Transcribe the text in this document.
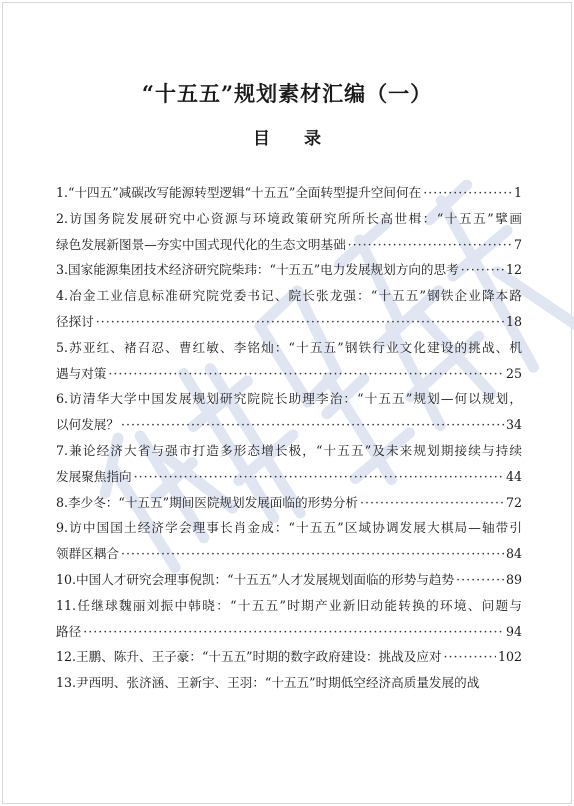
“十五五”规划素材汇编（一）
目 录
1.“十四五”减碳改写能源转型逻辑“十五五”全面转型提升空间何在 ·····	1
2.访国务院发展研究中心资源与环境政策研究所所长高世楫：“十五五”擘画
绿色发展新图景—夯实中国式现代化的生态文明基础 ·····	7
3.国家能源集团技术经济研究院柴玮：“十五五”电力发展规划方向的思考 ·····	12
4.冶金工业信息标准研究院党委书记、院长张龙强：“十五五”钢铁企业降本路
径探讨 ·····	18
5.苏亚红、褚召忍、曹红敏、李铭灿：“十五五”钢铁行业文化建设的挑战、机
遇与对策 ·····	25
6.访清华大学中国发展规划研究院院长助理李治：“十五五”规划—何以规划，
以何发展？ ·····	34
7.兼论经济大省与强市打造多形态增长极，“十五五”及未来规划期接续与持续
发展聚焦指向 ·····	44
8.李少冬：“十五五”期间医院规划发展面临的形势分析 ·····	72
9.访中国国土经济学会理事长肖金成：“十五五”区域协调发展大棋局—轴带引
领群区耦合 ·····	84
10.中国人才研究会理事倪凯：“十五五”人才发展规划面临的形势与趋势 ·····	89
11.任继球魏丽刘振中韩晓：“十五五”时期产业新旧动能转换的环境、问题与
路径 ·····	94
12.王鹏、陈升、王子豪：“十五五”时期的数字政府建设：挑战及应对 ·····	102
13.尹西明、张济涵、王新宇、王羽：“十五五”时期低空经济高质量发展的战
